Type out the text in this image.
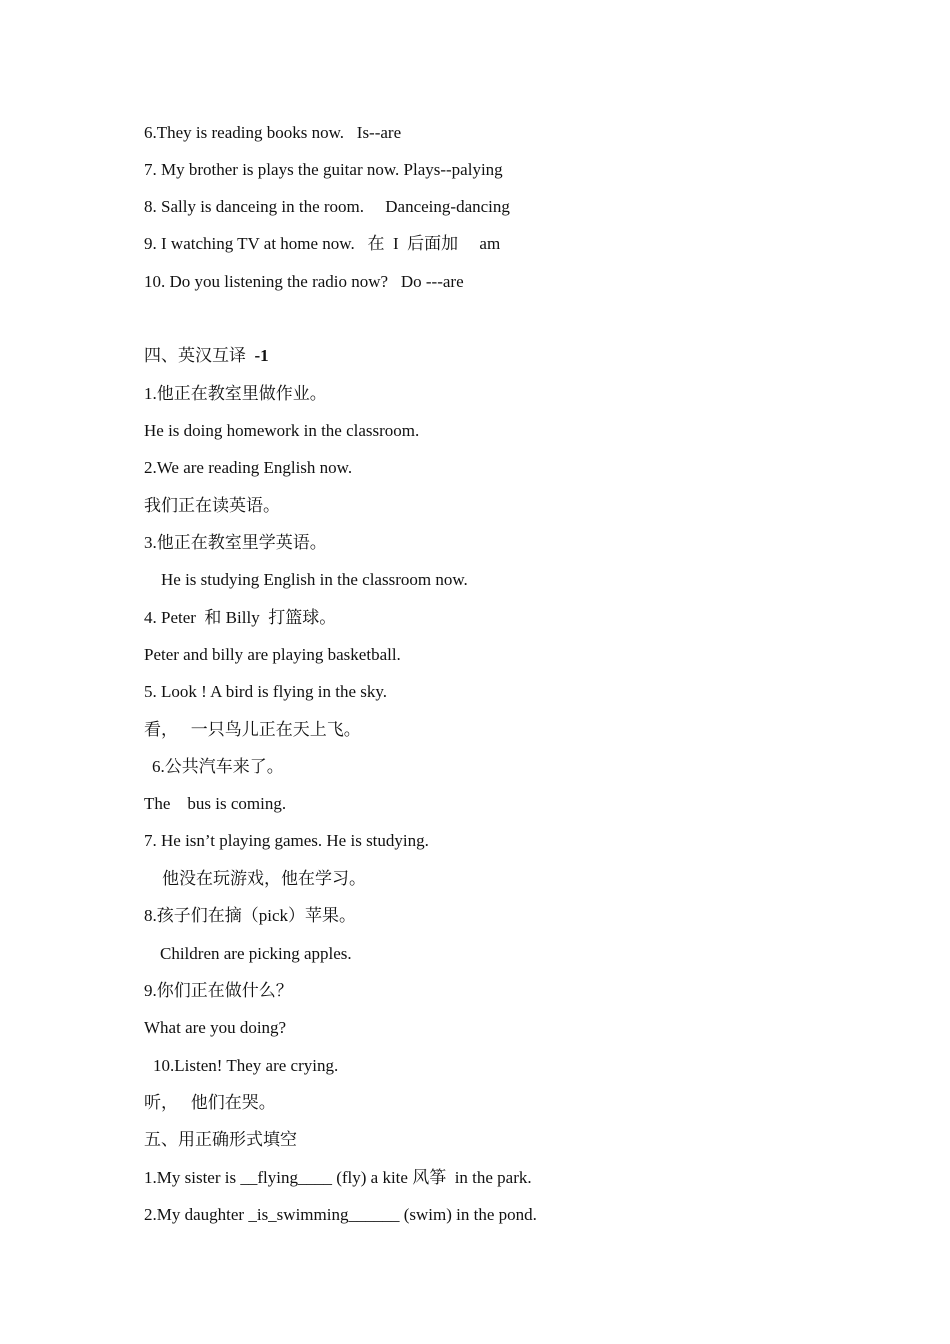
6.They is reading books now.   Is--are
7. My brother is plays the guitar now. Plays--palying
8. Sally is danceing in the room.     Danceing-dancing
9. I watching TV at home now.   在  I  后面加     am
10. Do you listening the radio now?   Do ---are
四、英汉互译 -1
1.他正在教室里做作业。
He is doing homework in the classroom.
2.We are reading English now.
我们正在读英语。
3.他正在教室里学英语。
He is studying English in the classroom now.
4. Peter  和 Billy  打篮球。
Peter and billy are playing basketball.
5. Look ! A bird is flying in the sky.
看，   一只鸟儿正在天上飞。
6.公共汽车来了。
The    bus is coming.
7. He isn’t playing games. He is studying.
他没在玩游戏，他在学习。
8.孩子们在摘（pick）苹果。
Children are picking apples.
9.你们正在做什么？
What are you doing?
10.Listen! They are crying.
听，   他们在哭。
五、用正确形式填空
1.My sister is __flying____ (fly) a kite 风筝  in the park.
2.My daughter _is_swimming______ (swim) in the pond.
